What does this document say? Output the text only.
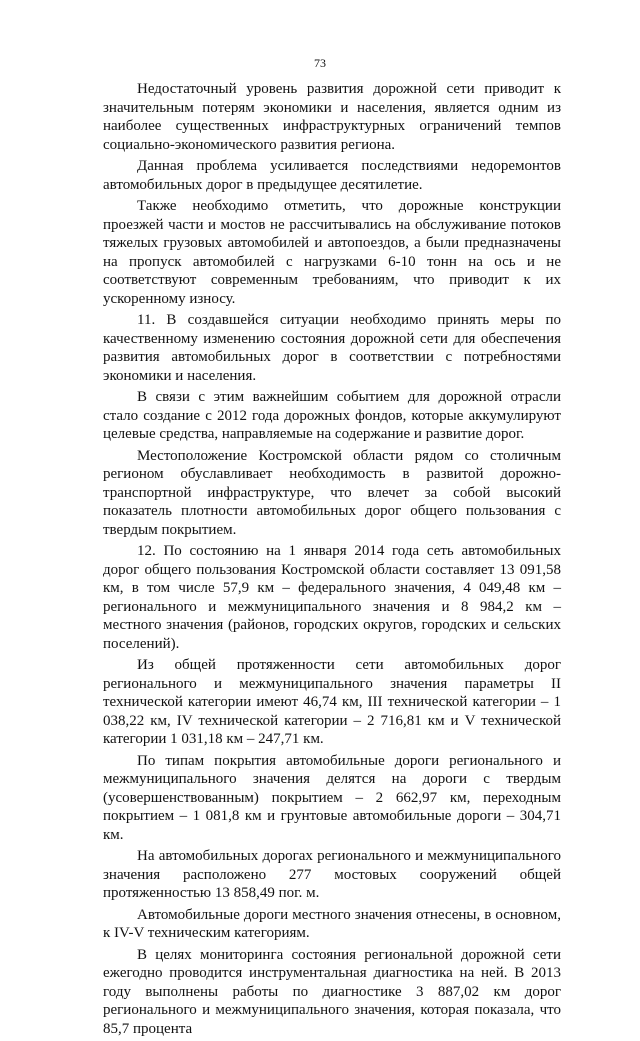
73

Недостаточный уровень развития дорожной сети приводит к значительным потерям экономики и населения, является одним из наиболее существенных инфраструктурных ограничений темпов социально-экономического развития региона.

Данная проблема усиливается последствиями недоремонтов автомобильных дорог в предыдущее десятилетие.

Также необходимо отметить, что дорожные конструкции проезжей части и мостов не рассчитывались на обслуживание потоков тяжелых грузовых автомобилей и автопоездов, а были предназначены на пропуск автомобилей с нагрузками 6-10 тонн на ось и не соответствуют современным требованиям, что приводит к их ускоренному износу.

11. В создавшейся ситуации необходимо принять меры по качественному изменению состояния дорожной сети для обеспечения развития автомобильных дорог в соответствии с потребностями экономики и населения.

В связи с этим важнейшим событием для дорожной отрасли стало создание с 2012 года дорожных фондов, которые аккумулируют целевые средства, направляемые на содержание и развитие дорог.

Местоположение Костромской области рядом со столичным регионом обуславливает необходимость в развитой дорожно-транспортной инфраструктуре, что влечет за собой высокий показатель плотности автомобильных дорог общего пользования с твердым покрытием.

12. По состоянию на 1 января 2014 года сеть автомобильных дорог общего пользования Костромской области составляет 13 091,58 км, в том числе 57,9 км – федерального значения, 4 049,48 км – регионального и межмуниципального значения и 8 984,2 км – местного значения (районов, городских округов, городских и сельских поселений).

Из общей протяженности сети автомобильных дорог регионального и межмуниципального значения параметры II технической категории имеют 46,74 км, III технической категории – 1 038,22 км, IV технической категории – 2 716,81 км и V технической категории 1 031,18 км – 247,71 км.

По типам покрытия автомобильные дороги регионального и межмуниципального значения делятся на дороги с твердым (усовершенствованным) покрытием – 2 662,97 км, переходным покрытием – 1 081,8 км и грунтовые автомобильные дороги – 304,71 км.

На автомобильных дорогах регионального и межмуниципального значения расположено 277 мостовых сооружений общей протяженностью 13 858,49 пог. м.

Автомобильные дороги местного значения отнесены, в основном, к IV-V техническим категориям.

В целях мониторинга состояния региональной дорожной сети ежегодно проводится инструментальная диагностика на ней. В 2013 году выполнены работы по диагностике 3 887,02 км дорог регионального и межмуниципального значения, которая показала, что 85,7 процента
